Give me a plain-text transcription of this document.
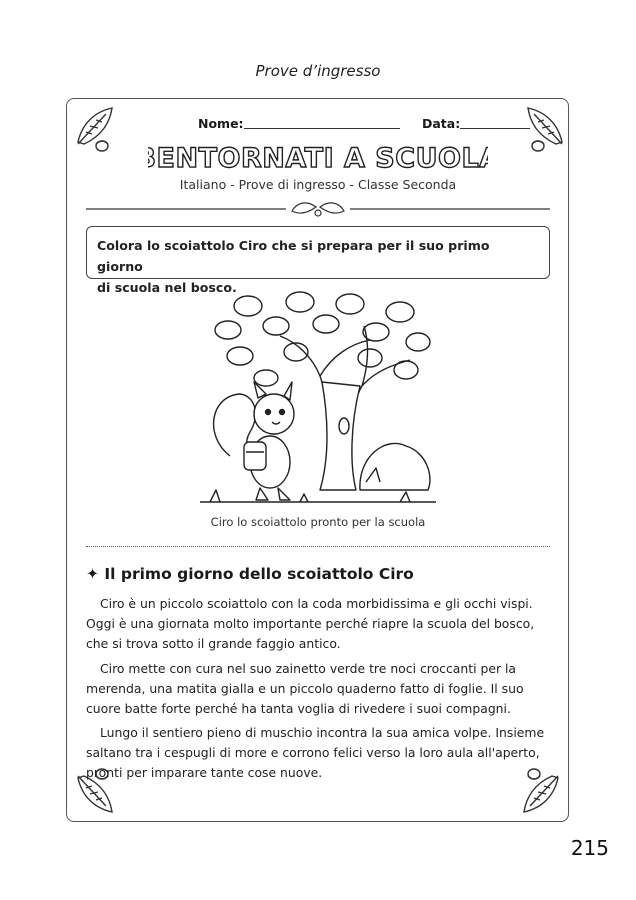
Prove d’ingresso
Nome:	Data:
BENTORNATI A SCUOLA
Italiano - Prove di ingresso - Classe Seconda
Colora lo scoiattolo Ciro che si prepara per il suo primo giorno
di scuola nel bosco.
Ciro lo scoiattolo pronto per la scuola
✦ Il primo giorno dello scoiattolo Ciro
Ciro è un piccolo scoiattolo con la coda morbidissima e gli occhi vispi.
Oggi è una giornata molto importante perché riapre la scuola del bosco,
che si trova sotto il grande faggio antico.
Ciro mette con cura nel suo zainetto verde tre noci croccanti per la
merenda, una matita gialla e un piccolo quaderno fatto di foglie. Il suo
cuore batte forte perché ha tanta voglia di rivedere i suoi compagni.
Lungo il sentiero pieno di muschio incontra la sua amica volpe. Insieme
saltano tra i cespugli di more e corrono felici verso la loro aula all'aperto,
pronti per imparare tante cose nuove.
215
